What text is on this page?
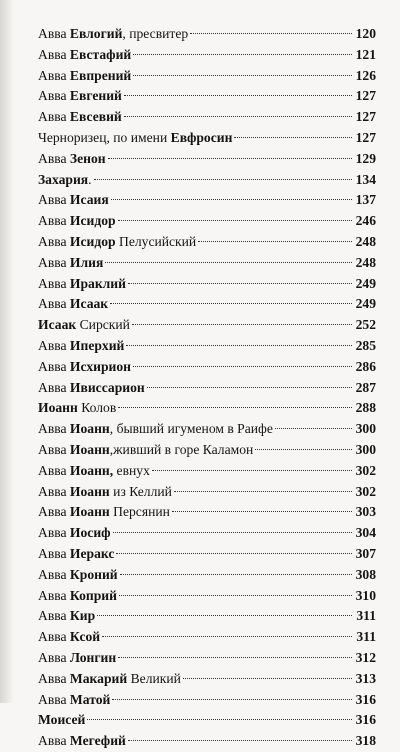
Авва Евлогий , пресвитер	120
Авва Евстафий	121
Авва Евпрений	126
Авва Евгений	127
Авва Евсевий	127
Черноризец, по имени Евфросин	127
Авва Зенон	129
Захария .	134
Авва Исаия	137
Авва Исидор	246
Авва Исидор Пелусийский	248
Авва Илия	248
Авва Ираклий	249
Авва Исаак	249
Исаак Сирский	252
Авва Иперхий	285
Авва Исхирион	286
Авва Ивиссарион	287
Иоанн Колов	288
Авва Иоанн , бывший игуменом в Раифе	300
Авва Иоанн ,живший в горе Каламон	300
Авва Иоанн, евнух	302
Авва Иоанн из Келлий	302
Авва Иоанн Персянин	303
Авва Иосиф	304
Авва Иеракс	307
Авва Кроний	308
Авва Коприй	310
Авва Кир	311
Авва Ксой	311
Авва Лонгин	312
Авва Макарий Великий	313
Авва Матой	316
Моисей	316
Авва Мегефий	318
